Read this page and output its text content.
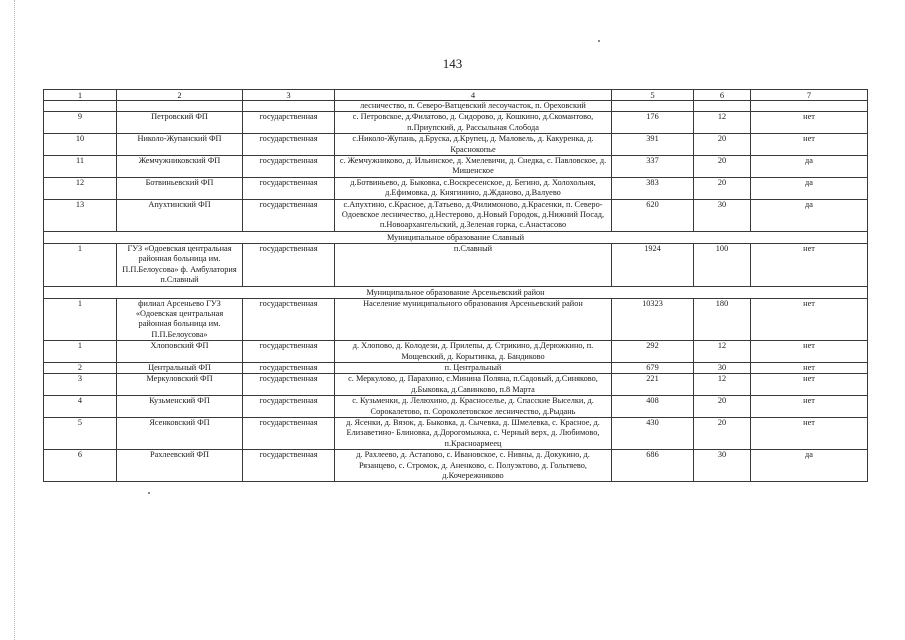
143
1	2	3	4	5	6	7
			лесничество, п. Северо-Ватцевский лесоучасток, п. Ореховский			
9	Петровский ФП	государственная	с. Петровское, д.Филатово, д. Сидорово, д. Кошкино, д.Скомантово, п.Приупский, д. Рассыльная Слобода	176	12	нет
10	Николо-Жупанский ФП	государственная	с.Николо-Жупань, д.Бруска, д.Крупец, д. Маловель, д. Какуренка, д. Краснокопье	391	20	нет
11	Жемчужниковский ФП	государственная	с. Жемчужниково, д. Ильинское, д. Хмелевичи, д. Снедка, с. Павловское, д. Мишенское	337	20	да
12	Ботвиньевский ФП	государственная	д.Ботвиньево, д. Быковка, с.Воскресенское, д. Бегино, д. Холохольня, д.Ефимовка, д. Княгинино, д.Жданово, д.Валуево	383	20	да
13	Апухтинский ФП	государственная	с.Апухтино, с.Красное, д.Татьево, д.Филимоново, д.Красенки, п. Северо-Одоевское лесничество, д.Нестерово, д.Новый Городок, д.Нижний Посад, п.Новоархангельский, д.Зеленая горка, с.Анастасово	620	30	да
Муниципальное образование Славный						
1	ГУЗ «Одоевская центральная районная больница им. П.П.Белоусова» ф. Амбулатория п.Славный	государственная	п.Славный	1924	100	нет
Муниципальное образование Арсеньевский район						
1	филиал Арсеньево ГУЗ «Одоевская центральная районная больница им. П.П.Белоусова»	государственная	Население муниципального образования Арсеньевский район	10323	180	нет
1	Хлоповский ФП	государственная	д. Хлопово, д. Колодези, д. Прилепы, д. Стрикино, д.Дерюжкино, п. Мощевский, д. Корытинка, д. Бандиково	292	12	нет
2	Центральный ФП	государственная	п. Центральный	679	30	нет
3	Меркуловский ФП	государственная	с. Меркулово, д. Парахино, с.Минина Поляна, п.Садовый, д.Синяково, д.Быковка, д.Савинково, п.8 Марта	221	12	нет
4	Кузьменский ФП	государственная	с. Кузьменки, д. Лелюхино, д. Красноселье, д. Спасские Выселки, д. Сорокалетово, п. Сороколетовское лесничество, д.Рыдань	408	20	нет
5	Ясенковский ФП	государственная	д. Ясенки, д. Вязок, д. Быковка, д. Сычевка, д. Шмелевка, с. Красное, д. Елизаветино- Блиновка, д.Дорогомыжка, с. Черный верх, д. Любимово, п.Красноармеец	430	20	нет
6	Рахлеевский ФП	государственная	д. Рахлеево, д. Астапово, с. Ивановское, с. Нивны, д. Докукино, д. Рязанцево, с. Стромок, д. Аненково, с. Полуэктово, д. Гольтяево, д.Кочережниково	686	30	да
